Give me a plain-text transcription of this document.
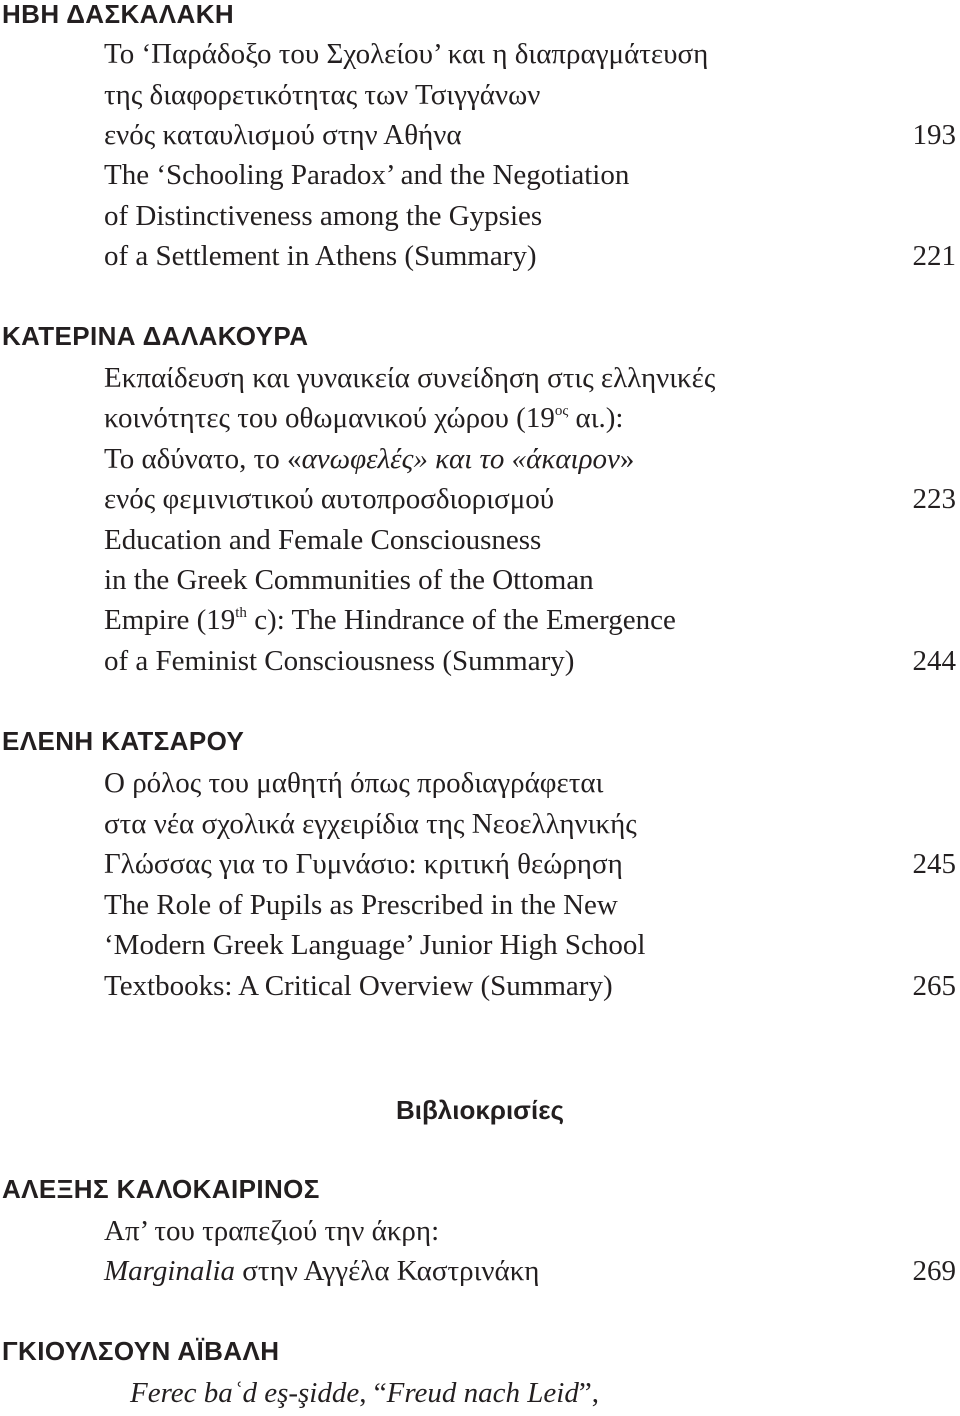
ΗΒΗ ΔΑΣΚΑΛΑΚΗ
Το ‘Παράδοξο του Σχολείου’ και η διαπραγμάτευση
της διαφορετικότητας των Τσιγγάνων
ενός καταυλισμού στην Αθήνα	193
The ‘Schooling Paradox’ and the Negotiation
of Distinctiveness among the Gypsies
of a Settlement in Athens (Summary)	221
ΚΑΤΕΡΙΝΑ ΔΑΛΑΚΟΥΡΑ
Εκπαίδευση και γυναικεία συνείδηση στις ελληνικές
κοινότητες του οθωμανικού χώρου ($19^{o\varsigma}$ αι.):
Το αδύνατο, το «ανωφελές» και το «άκαιρον»
ενός φεμινιστικού αυτοπροσδιορισμού	223
Education and Female Consciousness
in the Greek Communities of the Ottoman
Empire (19th c): The Hindrance of the Emergence
of a Feminist Consciousness (Summary)	244
ΕΛΕΝΗ ΚΑΤΣΑΡΟΥ
Ο ρόλος του μαθητή όπως προδιαγράφεται
στα νέα σχολικά εγχειρίδια της Νεοελληνικής
Γλώσσας για το Γυμνάσιο: κριτική θεώρηση	245
The Role of Pupils as Prescribed in the New
‘Modern Greek Language’ Junior High School
Textbooks: A Critical Overview (Summary)	265
Βιβλιοκρισίες
ΑΛΕΞΗΣ ΚΑΛΟΚΑΙΡΙΝΟΣ
Απ’ του τραπεζιού την άκρη:
Marginalia στην Αγγέλα Καστρινάκη	269
ΓΚΙΟΥΛΣΟΥΝ ΑΪΒΑΛΗ
Ferec baʿd eş-şidde, “Freud nach Leid”,
